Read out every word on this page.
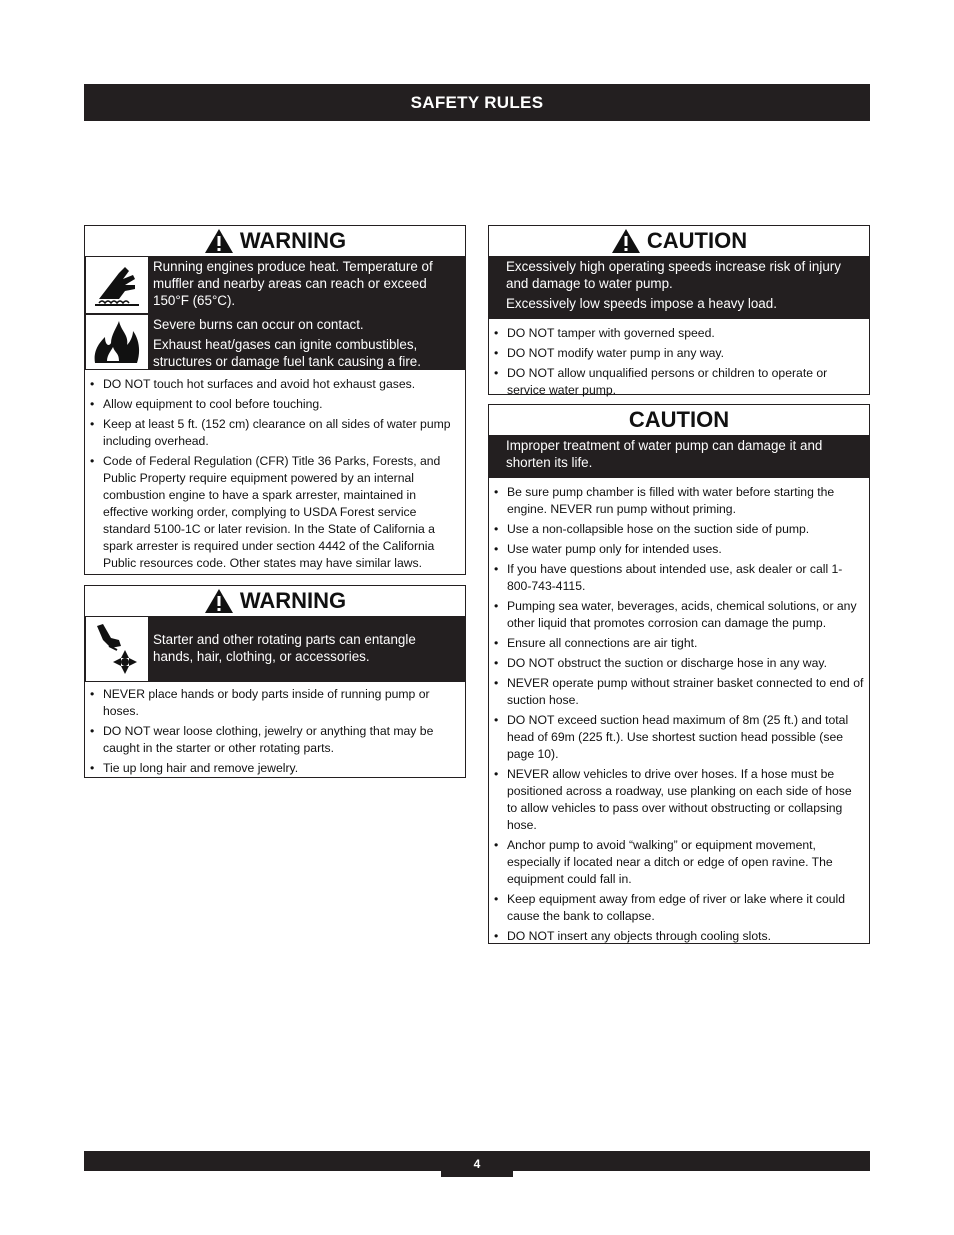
SAFETY RULES
WARNING

Running engines produce heat. Temperature of muffler and nearby areas can reach or exceed 150°F (65°C).

Severe burns can occur on contact.

Exhaust heat/gases can ignite combustibles, structures or damage fuel tank causing a fire.

• DO NOT touch hot surfaces and avoid hot exhaust gases.
• Allow equipment to cool before touching.
• Keep at least 5 ft. (152 cm) clearance on all sides of water pump including overhead.
• Code of Federal Regulation (CFR) Title 36 Parks, Forests, and Public Property require equipment powered by an internal combustion engine to have a spark arrester, maintained in effective working order, complying to USDA Forest service standard 5100-1C or later revision. In the State of California a spark arrester is required under section 4442 of the California Public resources code. Other states may have similar laws.
WARNING

Starter and other rotating parts can entangle hands, hair, clothing, or accessories.

• NEVER place hands or body parts inside of running pump or hoses.
• DO NOT wear loose clothing, jewelry or anything that may be caught in the starter or other rotating parts.
• Tie up long hair and remove jewelry.
CAUTION

Excessively high operating speeds increase risk of injury and damage to water pump.

Excessively low speeds impose a heavy load.

• DO NOT tamper with governed speed.
• DO NOT modify water pump in any way.
• DO NOT allow unqualified persons or children to operate or service water pump.
CAUTION

Improper treatment of water pump can damage it and shorten its life.

• Be sure pump chamber is filled with water before starting the engine. NEVER run pump without priming.
• Use a non-collapsible hose on the suction side of pump.
• Use water pump only for intended uses.
• If you have questions about intended use, ask dealer or call 1-800-743-4115.
• Pumping sea water, beverages, acids, chemical solutions, or any other liquid that promotes corrosion can damage the pump.
• Ensure all connections are air tight.
• DO NOT obstruct the suction or discharge hose in any way.
• NEVER operate pump without strainer basket connected to end of suction hose.
• DO NOT exceed suction head maximum of 8m (25 ft.) and total head of 69m (225 ft.). Use shortest suction head possible (see page 10).
• NEVER allow vehicles to drive over hoses. If a hose must be positioned across a roadway, use planking on each side of hose to allow vehicles to pass over without obstructing or collapsing hose.
• Anchor pump to avoid “walking” or equipment movement, especially if located near a ditch or edge of open ravine. The equipment could fall in.
• Keep equipment away from edge of river or lake where it could cause the bank to collapse.
• DO NOT insert any objects through cooling slots.
4
